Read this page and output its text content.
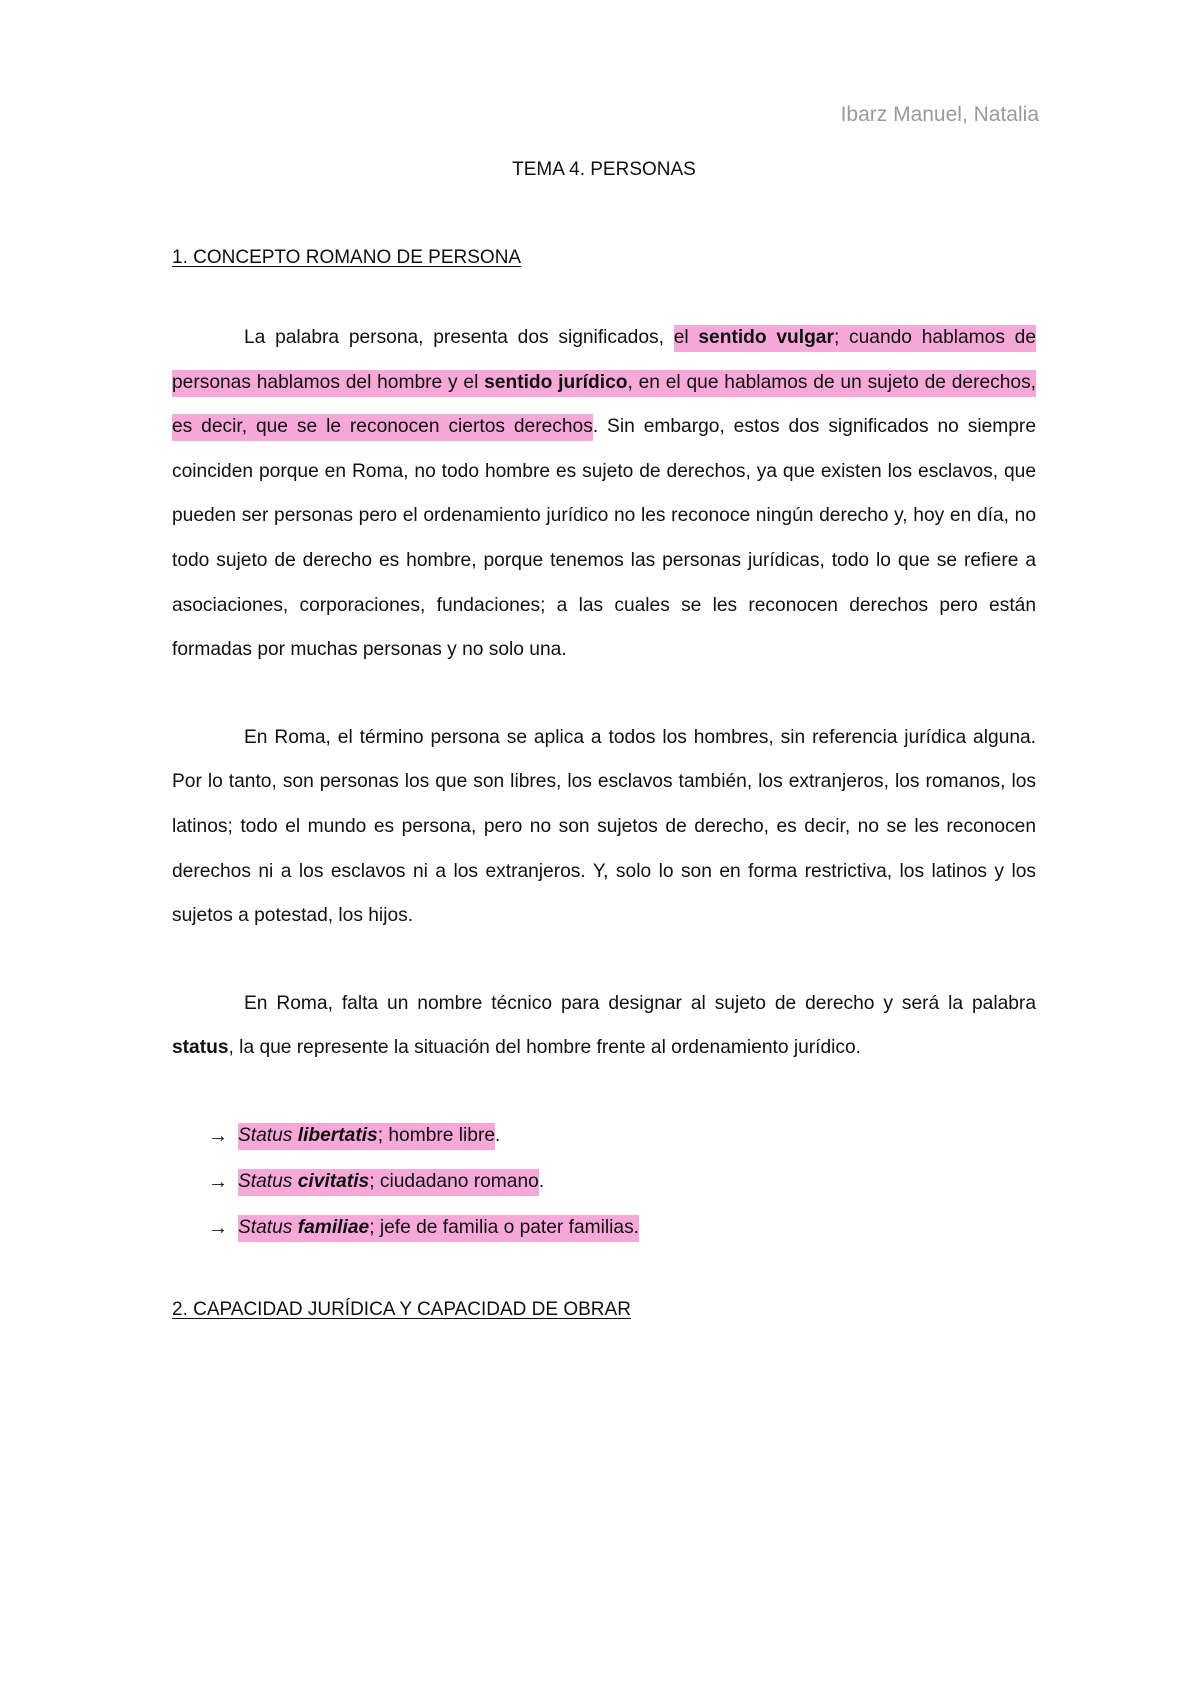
Ibarz Manuel, Natalia

TEMA 4. PERSONAS

1. CONCEPTO ROMANO DE PERSONA

La palabra persona, presenta dos significados, el sentido vulgar; cuando hablamos de personas hablamos del hombre y el sentido jurídico, en el que hablamos de un sujeto de derechos, es decir, que se le reconocen ciertos derechos. Sin embargo, estos dos significados no siempre coinciden porque en Roma, no todo hombre es sujeto de derechos, ya que existen los esclavos, que pueden ser personas pero el ordenamiento jurídico no les reconoce ningún derecho y, hoy en día, no todo sujeto de derecho es hombre, porque tenemos las personas jurídicas, todo lo que se refiere a asociaciones, corporaciones, fundaciones; a las cuales se les reconocen derechos pero están formadas por muchas personas y no solo una.

En Roma, el término persona se aplica a todos los hombres, sin referencia jurídica alguna. Por lo tanto, son personas los que son libres, los esclavos también, los extranjeros, los romanos, los latinos; todo el mundo es persona, pero no son sujetos de derecho, es decir, no se les reconocen derechos ni a los esclavos ni a los extranjeros. Y, solo lo son en forma restrictiva, los latinos y los sujetos a potestad, los hijos.

En Roma, falta un nombre técnico para designar al sujeto de derecho y será la palabra status, la que represente la situación del hombre frente al ordenamiento jurídico.

→ Status libertatis; hombre libre.
→ Status civitatis; ciudadano romano.
→ Status familiae; jefe de familia o pater familias.

2. CAPACIDAD JURÍDICA Y CAPACIDAD DE OBRAR
